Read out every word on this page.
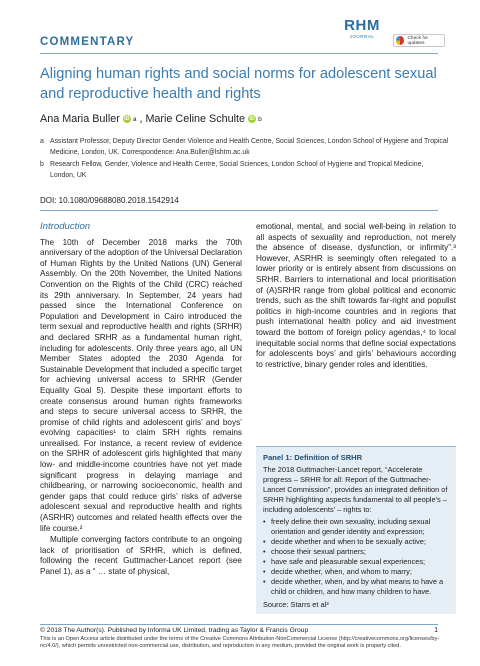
COMMENTARY
RHM
JOURNAL	Check for updates
Aligning human rights and social norms for adolescent sexual and reproductive health and rights
Ana Maria Buller iD a , Marie Celine Schulte iD b
a Assistant Professor, Deputy Director Gender Violence and Health Centre, Social Sciences, London School of Hygiene and Tropical Medicine, London, UK. Correspondence: Ana.Buller@lshtm.ac.uk
b Research Fellow, Gender, Violence and Health Centre, Social Sciences, London School of Hygiene and Tropical Medicine, London, UK
DOI: 10.1080/09688080.2018.1542914
Introduction
The 10th of December 2018 marks the 70th anniversary of the adoption of the Universal Declaration of Human Rights by the United Nations (UN) General Assembly. On the 20th November, the United Nations Convention on the Rights of the Child (CRC) reached its 29th anniversary. In September, 24 years had passed since the International Conference on Population and Development in Cairo introduced the term sexual and reproductive health and rights (SRHR) and declared SRHR as a fundamental human right, including for adolescents. Only three years ago, all UN Member States adopted the 2030 Agenda for Sustainable Development that included a specific target for achieving universal access to SRHR (Gender Equality Goal 5). Despite these important efforts to create consensus around human rights frameworks and steps to secure universal access to SRHR, the promise of child rights and adolescent girls’ and boys’ evolving capacities¹ to claim SRH rights remains unrealised. For instance, a recent review of evidence on the SRHR of adolescent girls highlighted that many low- and middle-income countries have not yet made significant progress in delaying marriage and childbearing, or narrowing socioeconomic, health and gender gaps that could reduce girls’ risks of adverse adolescent sexual and reproductive health and rights (ASRHR) outcomes and related health effects over the life course.²
Multiple converging factors contribute to an ongoing lack of prioritisation of SRHR, which is defined, following the recent Guttmacher-Lancet report (see Panel 1), as a “ … state of physical,
emotional, mental, and social well-being in relation to all aspects of sexuality and reproduction, not merely the absence of disease, dysfunction, or infirmity”.³ However, ASRHR is seemingly often relegated to a lower priority or is entirely absent from discussions on SRHR. Barriers to international and local prioritisation of (A)SRHR range from global political and economic trends, such as the shift towards far-right and populist politics in high-income countries and in regions that push international health policy and aid investment toward the bottom of foreign policy agendas,⁴ to local inequitable social norms that define social expectations for adolescents boys’ and girls’ behaviours according to restrictive, binary gender roles and identities.
Panel 1: Definition of SRHR
The 2018 Guttmacher-Lancet report, “Accelerate progress – SRHR for all: Report of the Guttmacher-Lancet Commission”, provides an integrated definition of SRHR highlighting aspects fundamental to all people’s – including adolescents’ – rights to:
• freely define their own sexuality, including sexual orientation and gender identity and expression;
• decide whether and when to be sexually active;
• choose their sexual partners;
• have safe and pleasurable sexual experiences;
• decide whether, when, and whom to marry;
• decide whether, when, and by what means to have a child or children, and how many children to have.
Source: Starrs et al³
© 2018 The Author(s). Published by Informa UK Limited, trading as Taylor & Francis Group	1
This is an Open Access article distributed under the terms of the Creative Commons Attribution-NonCommercial License (http://creativecommons.org/licenses/by-nc/4.0/), which permits unrestricted non-commercial use, distribution, and reproduction in any medium, provided the original work is properly cited.
